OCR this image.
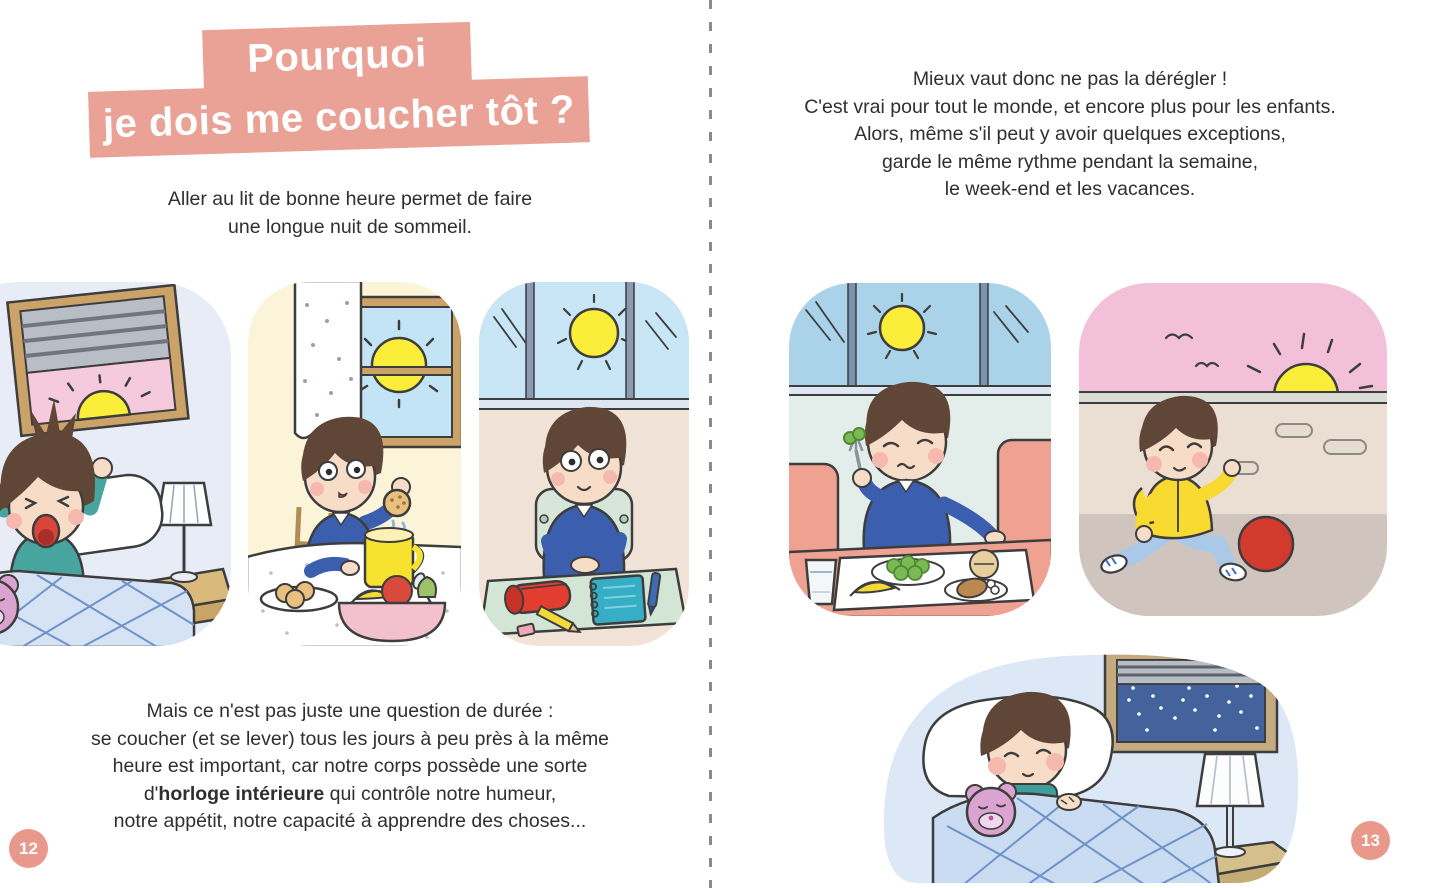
Pourquoi
je dois me coucher tôt ?
Aller au lit de bonne heure permet de faire
une longue nuit de sommeil.
Mais ce n'est pas juste une question de durée :
se coucher (et se lever) tous les jours à peu près à la même
heure est important, car notre corps possède une sorte
d'horloge intérieure qui contrôle notre humeur,
notre appétit, notre capacité à apprendre des choses...
12
Mieux vaut donc ne pas la dérégler !
C'est vrai pour tout le monde, et encore plus pour les enfants.
Alors, même s'il peut y avoir quelques exceptions,
garde le même rythme pendant la semaine,
le week-end et les vacances.
13
